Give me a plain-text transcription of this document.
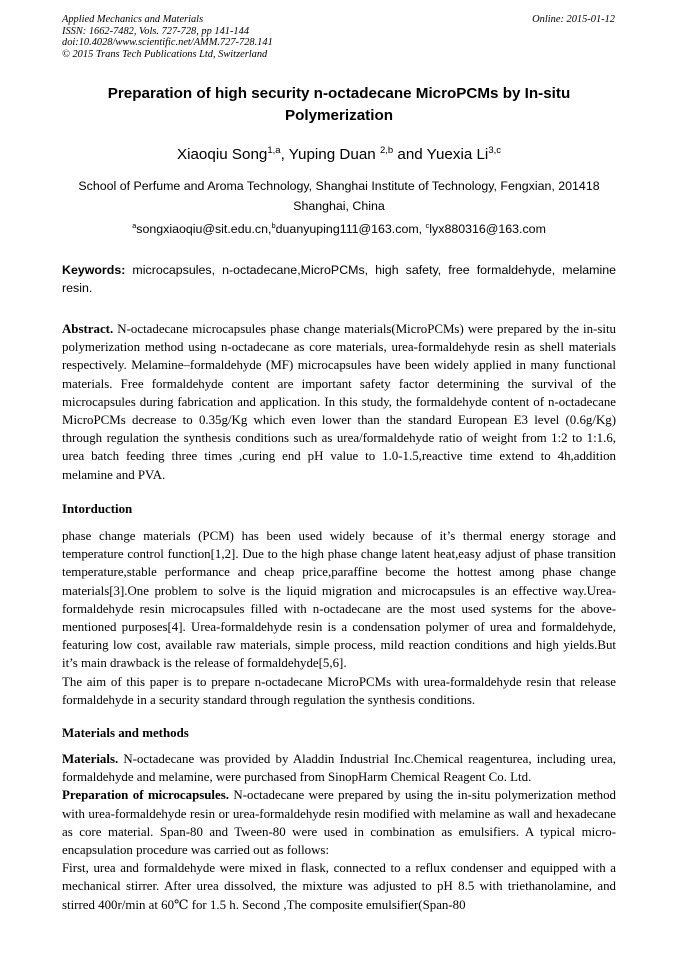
Applied Mechanics and Materials
ISSN: 1662-7482, Vols. 727-728, pp 141-144
doi:10.4028/www.scientific.net/AMM.727-728.141
© 2015 Trans Tech Publications Ltd, Switzerland
Online: 2015-01-12
Preparation of high security n-octadecane MicroPCMs by In-situ
Polymerization
Xiaoqiu Song$^{1,a}$, Yuping Duan $^{2,b}$ and Yuexia Li$^{3,c}$
School of Perfume and Aroma Technology, Shanghai Institute of Technology, Fengxian, 201418
Shanghai, China
$^a$songxiaoqiu@sit.edu.cn,$^b$duanyuping111@163.com, $^c$lyx880316@163.com
Keywords: microcapsules, n-octadecane,MicroPCMs, high safety, free formaldehyde, melamine resin.

Abstract. N-octadecane microcapsules phase change materials(MicroPCMs) were prepared by the in-situ polymerization method using n-octadecane as core materials, urea-formaldehyde resin as shell materials respectively. Melamine–formaldehyde (MF) microcapsules have been widely applied in many functional materials. Free formaldehyde content are important safety factor determining the survival of the microcapsules during fabrication and application. In this study, the formaldehyde content of n-octadecane MicroPCMs decrease to 0.35g/Kg which even lower than the standard European E3 level (0.6g/Kg) through regulation the synthesis conditions such as urea/formaldehyde ratio of weight from 1:2 to 1:1.6, urea batch feeding three times ,curing end pH value to 1.0-1.5,reactive time extend to 4h,addition melamine and PVA.

Intorduction

phase change materials (PCM) has been used widely because of it’s thermal energy storage and temperature control function[1,2]. Due to the high phase change latent heat,easy adjust of phase transition temperature,stable performance and cheap price,paraffine become the hottest among phase change materials[3].One problem to solve is the liquid migration and microcapsules is an effective way.Urea-formaldehyde resin microcapsules filled with n-octadecane are the most used systems for the above-mentioned purposes[4]. Urea-formaldehyde resin is a condensation polymer of urea and formaldehyde, featuring low cost, available raw materials, simple process, mild reaction conditions and high yields.But it’s main drawback is the release of formaldehyde[5,6].

The aim of this paper is to prepare n-octadecane MicroPCMs with urea-formaldehyde resin that release formaldehyde in a security standard through regulation the synthesis conditions.

Materials and methods

Materials. N-octadecane was provided by Aladdin Industrial Inc.Chemical reagenturea, including urea, formaldehyde and melamine, were purchased from SinopHarm Chemical Reagent Co. Ltd.

Preparation of microcapsules. N-octadecane were prepared by using the in-situ polymerization method with urea-formaldehyde resin or urea-formaldehyde resin modified with melamine as wall and hexadecane as core material. Span-80 and Tween-80 were used in combination as emulsifiers. A typical micro-encapsulation procedure was carried out as follows:

First, urea and formaldehyde were mixed in flask, connected to a reflux condenser and equipped with a mechanical stirrer. After urea dissolved, the mixture was adjusted to pH 8.5 with triethanolamine, and stirred 400r/min at 60℃ for 1.5 h. Second ,The composite emulsifier(Span-80
